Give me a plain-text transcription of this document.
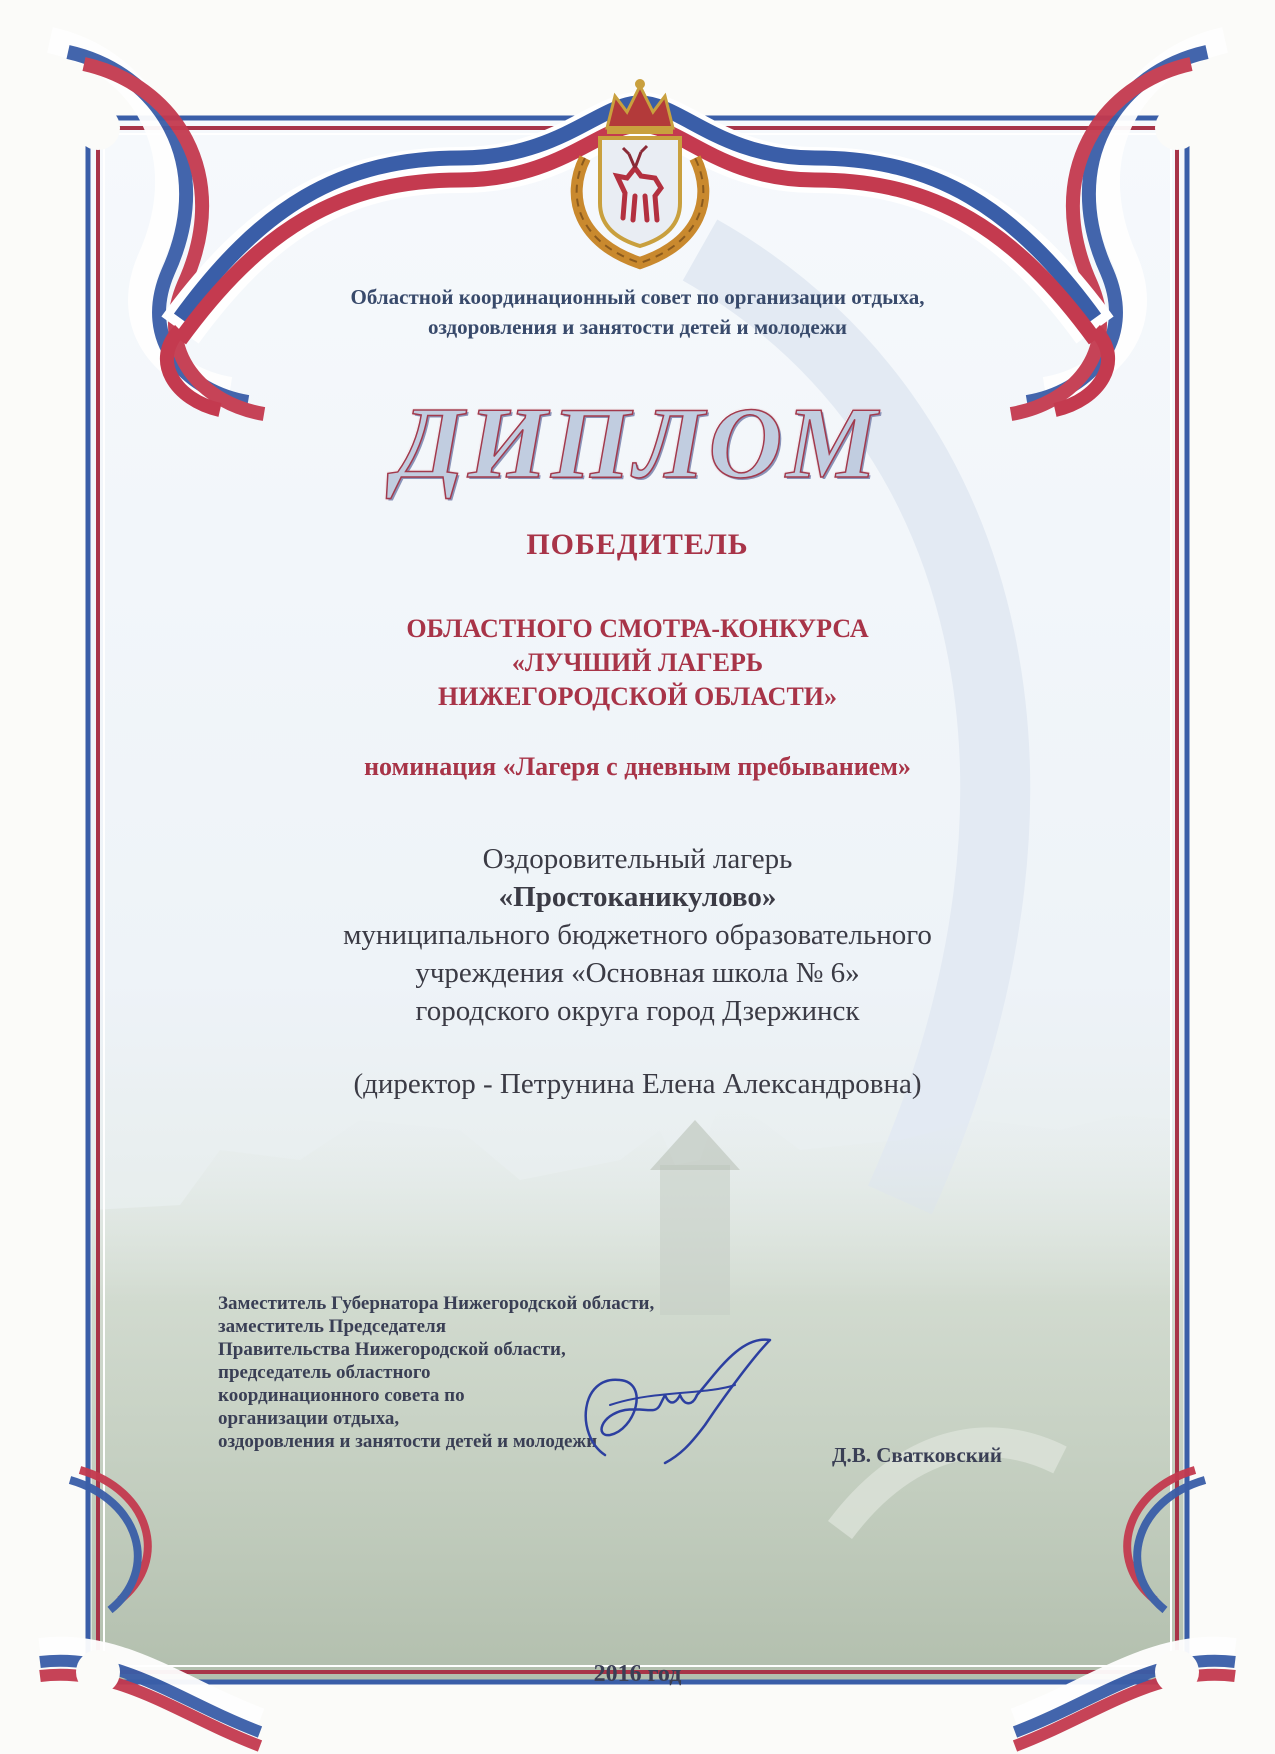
Областной координационный совет по организации отдыха,
оздоровления и занятости детей и молодежи
ДИПЛОМ
ПОБЕДИТЕЛЬ
ОБЛАСТНОГО СМОТРА-КОНКУРСА
«ЛУЧШИЙ ЛАГЕРЬ
НИЖЕГОРОДСКОЙ ОБЛАСТИ»
номинация «Лагеря с дневным пребыванием»
Оздоровительный лагерь
«Простоканикулово»
муниципального бюджетного образовательного
учреждения «Основная школа № 6»
городского округа город Дзержинск
(директор - Петрунина Елена Александровна)
Заместитель Губернатора Нижегородской области,
заместитель Председателя
Правительства Нижегородской области,
председатель областного
координационного совета по
организации отдыха,
оздоровления и занятости детей и молодежи
Д.В. Сватковский
2016 год
